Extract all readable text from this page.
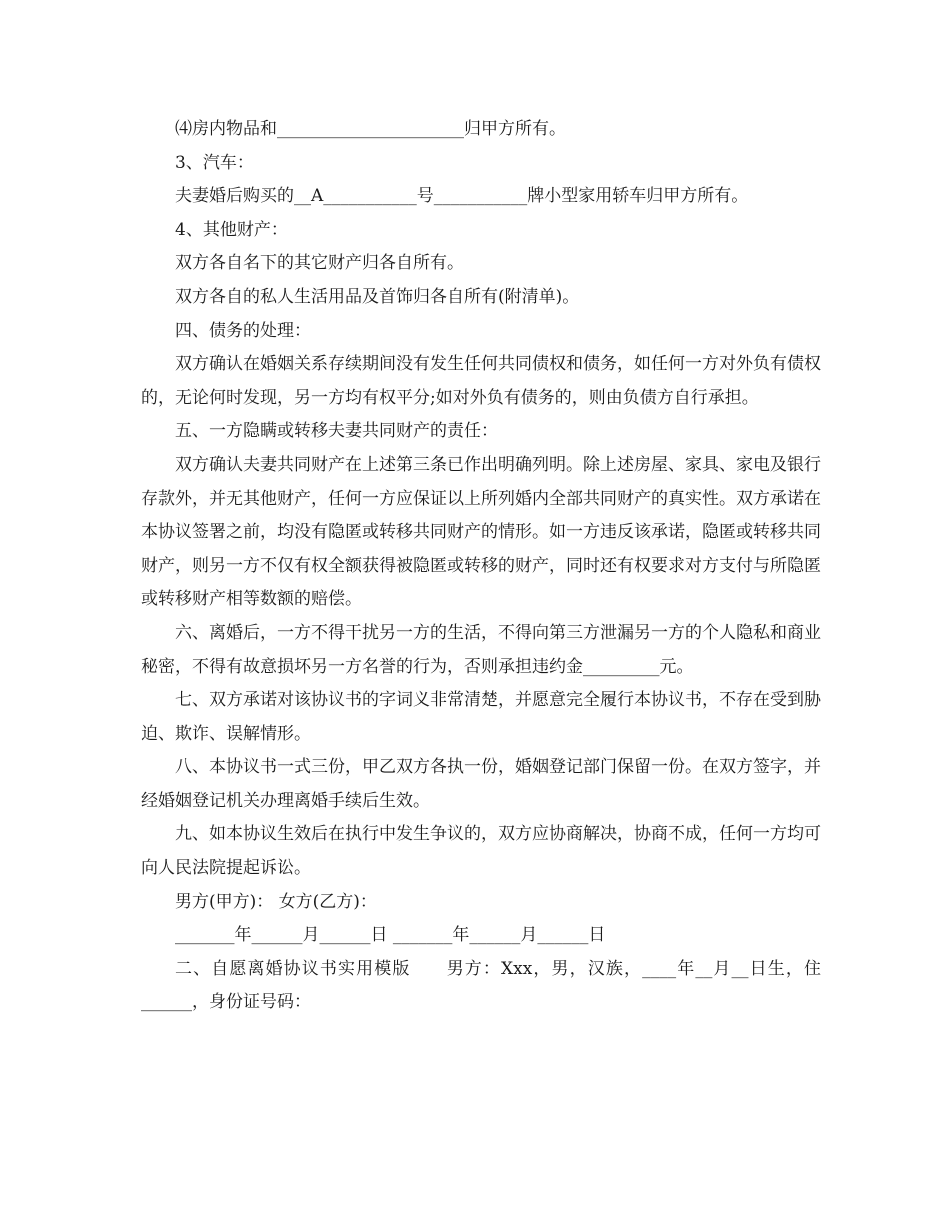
⑷房内物品和______________________归甲方所有。

3、汽车：

夫妻婚后购买的__A___________号___________牌小型家用轿车归甲方所有。

4、其他财产：

双方各自名下的其它财产归各自所有。

双方各自的私人生活用品及首饰归各自所有(附清单)。

四、债务的处理：

双方确认在婚姻关系存续期间没有发生任何共同债权和债务，如任何一方对外负有债权的，无论何时发现，另一方均有权平分;如对外负有债务的，则由负债方自行承担。

五、一方隐瞒或转移夫妻共同财产的责任：

双方确认夫妻共同财产在上述第三条已作出明确列明。除上述房屋、家具、家电及银行存款外，并无其他财产，任何一方应保证以上所列婚内全部共同财产的真实性。双方承诺在本协议签署之前，均没有隐匿或转移共同财产的情形。如一方违反该承诺，隐匿或转移共同财产，则另一方不仅有权全额获得被隐匿或转移的财产，同时还有权要求对方支付与所隐匿或转移财产相等数额的赔偿。

六、离婚后，一方不得干扰另一方的生活，不得向第三方泄漏另一方的个人隐私和商业秘密，不得有故意损坏另一方名誉的行为，否则承担违约金_________元。

七、双方承诺对该协议书的字词义非常清楚，并愿意完全履行本协议书，不存在受到胁迫、欺诈、误解情形。

八、本协议书一式三份，甲乙双方各执一份，婚姻登记部门保留一份。在双方签字，并经婚姻登记机关办理离婚手续后生效。

九、如本协议生效后在执行中发生争议的，双方应协商解决，协商不成，任何一方均可向人民法院提起诉讼。

男方(甲方)： 女方(乙方)：

_______年______月______日 _______年______月______日

二、自愿离婚协议书实用模版　　男方：Xxx，男，汉族，____年__月__日生，住______，身份证号码：
